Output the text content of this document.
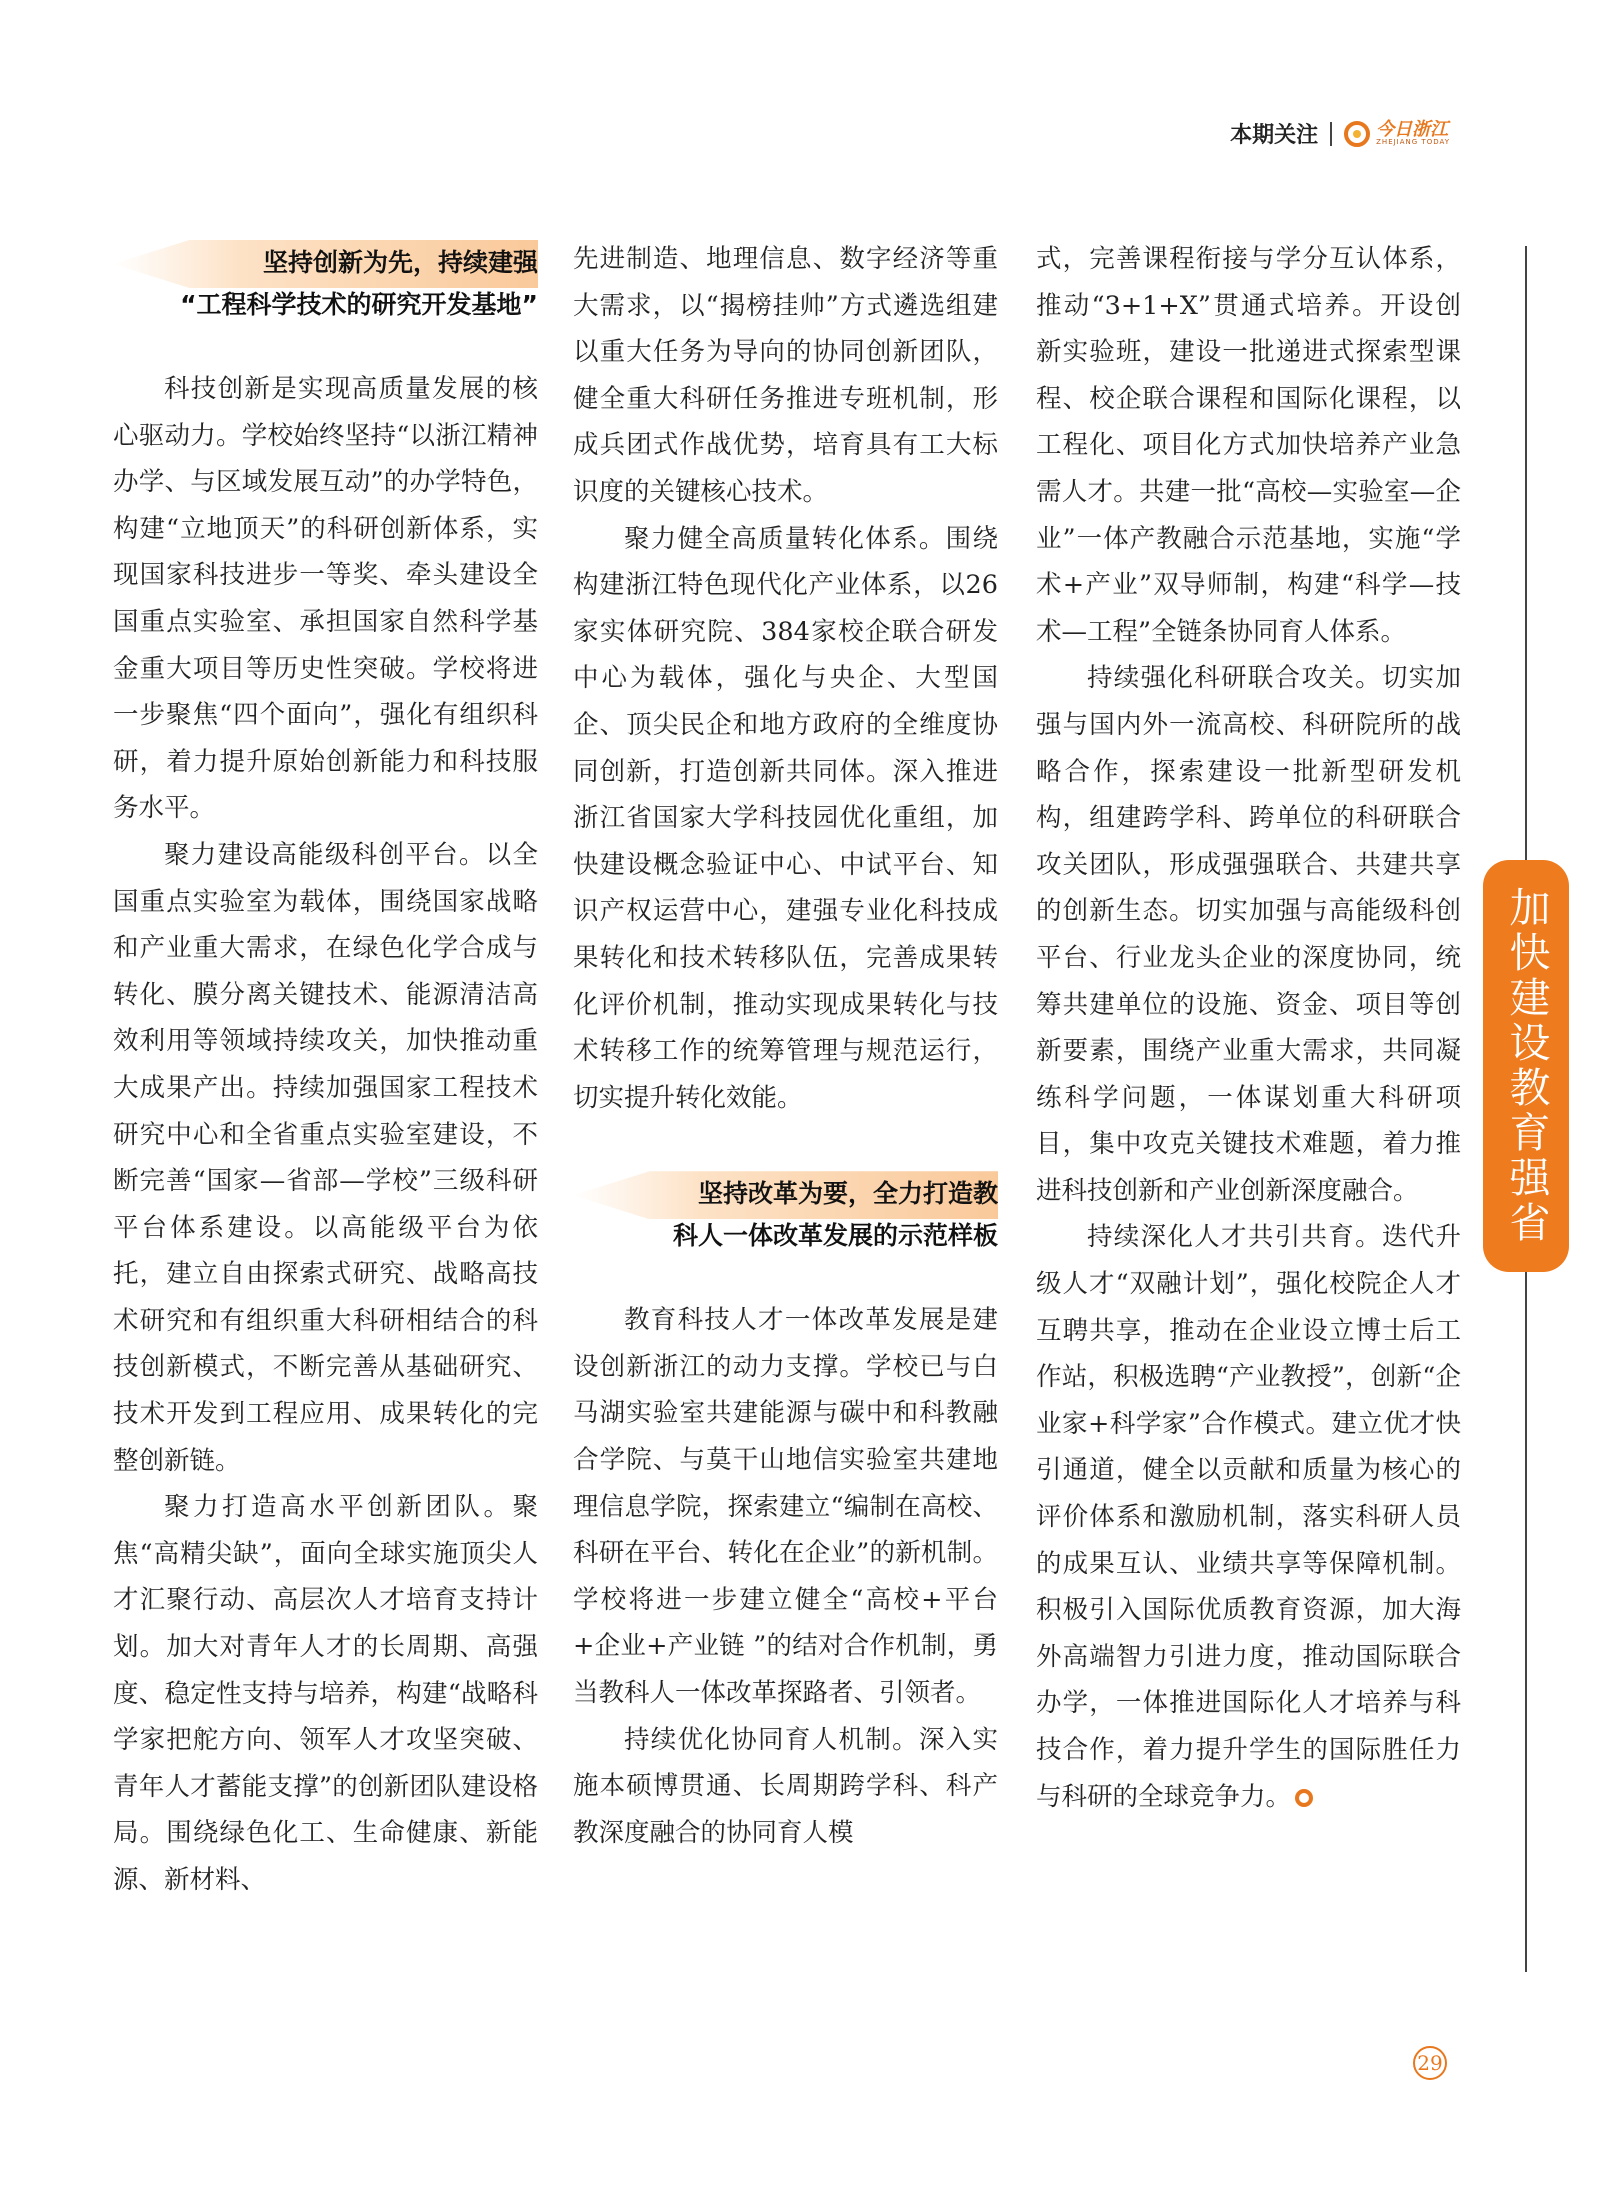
本期关注	今日浙江
ZHEJIANG TODAY
坚持创新为先，持续建强
“工程科学技术的研究开发基地”

科技创新是实现高质量发展的核心驱动力。学校始终坚持“以浙江精神办学、与区域发展互动”的办学特色，构建“立地顶天”的科研创新体系，实现国家科技进步一等奖、牵头建设全国重点实验室、承担国家自然科学基金重大项目等历史性突破。学校将进一步聚焦“四个面向”，强化有组织科研，着力提升原始创新能力和科技服务水平。

聚力建设高能级科创平台。以全国重点实验室为载体，围绕国家战略和产业重大需求，在绿色化学合成与转化、膜分离关键技术、能源清洁高效利用等领域持续攻关，加快推动重大成果产出。持续加强国家工程技术研究中心和全省重点实验室建设，不断完善“国家—省部—学校”三级科研平台体系建设。以高能级平台为依托，建立自由探索式研究、战略高技术研究和有组织重大科研相结合的科技创新模式，不断完善从基础研究、技术开发到工程应用、成果转化的完整创新链。

聚力打造高水平创新团队。聚焦“高精尖缺”，面向全球实施顶尖人才汇聚行动、高层次人才培育支持计划。加大对青年人才的长周期、高强度、稳定性支持与培养，构建“战略科学家把舵方向、领军人才攻坚突破、青年人才蓄能支撑”的创新团队建设格局。围绕绿色化工、生命健康、新能源、新材料、

先进制造、地理信息、数字经济等重大需求，以“揭榜挂帅”方式遴选组建以重大任务为导向的协同创新团队，健全重大科研任务推进专班机制，形成兵团式作战优势，培育具有工大标识度的关键核心技术。

聚力健全高质量转化体系。围绕构建浙江特色现代化产业体系，以26家实体研究院、384家校企联合研发中心为载体，强化与央企、大型国企、顶尖民企和地方政府的全维度协同创新，打造创新共同体。深入推进浙江省国家大学科技园优化重组，加快建设概念验证中心、中试平台、知识产权运营中心，建强专业化科技成果转化和技术转移队伍，完善成果转化评价机制，推动实现成果转化与技术转移工作的统筹管理与规范运行，切实提升转化效能。

坚持改革为要，全力打造教
科人一体改革发展的示范样板

教育科技人才一体改革发展是建设创新浙江的动力支撑。学校已与白马湖实验室共建能源与碳中和科教融合学院、与莫干山地信实验室共建地理信息学院，探索建立“编制在高校、科研在平台、转化在企业”的新机制。学校将进一步建立健全“高校+平台+企业+产业链 ”的结对合作机制，勇当教科人一体改革探路者、引领者。

持续优化协同育人机制。深入实施本硕博贯通、长周期跨学科、科产教深度融合的协同育人模

式，完善课程衔接与学分互认体系，推动“3+1+X”贯通式培养。开设创新实验班，建设一批递进式探索型课程、校企联合课程和国际化课程，以工程化、项目化方式加快培养产业急需人才。共建一批“高校—实验室—企业”一体产教融合示范基地，实施“学术+产业”双导师制，构建“科学—技术—工程”全链条协同育人体系。

持续强化科研联合攻关。切实加强与国内外一流高校、科研院所的战略合作，探索建设一批新型研发机构，组建跨学科、跨单位的科研联合攻关团队，形成强强联合、共建共享的创新生态。切实加强与高能级科创平台、行业龙头企业的深度协同，统筹共建单位的设施、资金、项目等创新要素，围绕产业重大需求，共同凝练科学问题，一体谋划重大科研项目，集中攻克关键技术难题，着力推进科技创新和产业创新深度融合。

持续深化人才共引共育。迭代升级人才“双融计划”，强化校院企人才互聘共享，推动在企业设立博士后工作站，积极选聘“产业教授”，创新“企业家+科学家”合作模式。建立优才快引通道，健全以贡献和质量为核心的评价体系和激励机制，落实科研人员的成果互认、业绩共享等保障机制。积极引入国际优质教育资源，加大海外高端智力引进力度，推动国际联合办学，一体推进国际化人才培养与科技合作，着力提升学生的国际胜任力与科研的全球竞争力。

加快建设教育强省
29
